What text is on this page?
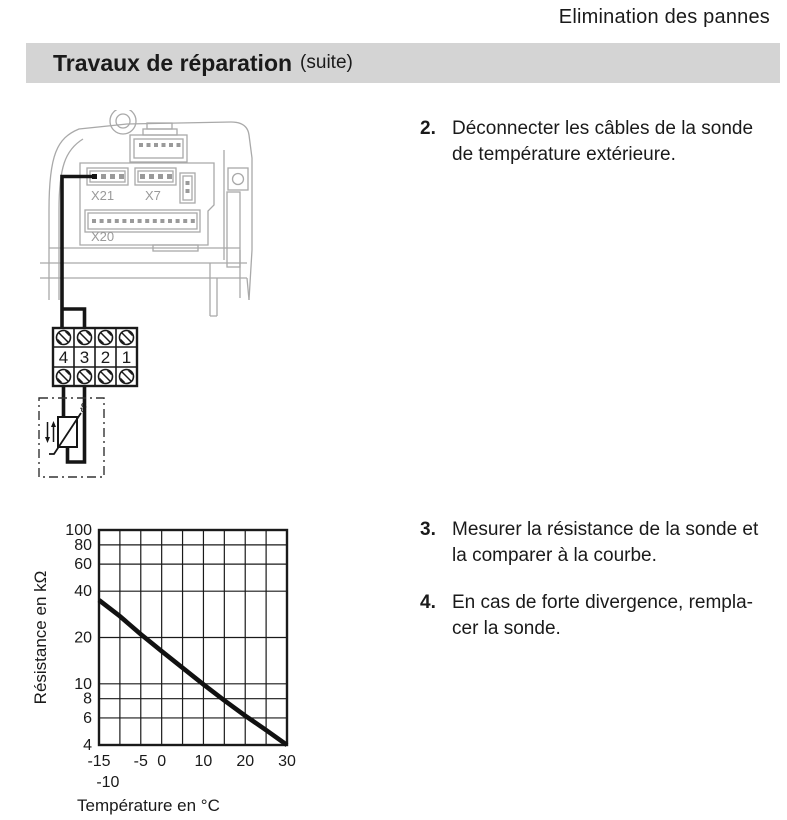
Elimination des pannes
Travaux de réparation (suite)
X21 X7
X20
4 3 2 1
ϑ
100
80
60
40
20
10
8
6
4
-15 -5 0 10 20 30
-10
Température en °C
Résistance en kΩ
2. Déconnecter les câbles de la sonde
de température extérieure.
3. Mesurer la résistance de la sonde et
la comparer à la courbe.
4. En cas de forte divergence, rempla-
cer la sonde.
